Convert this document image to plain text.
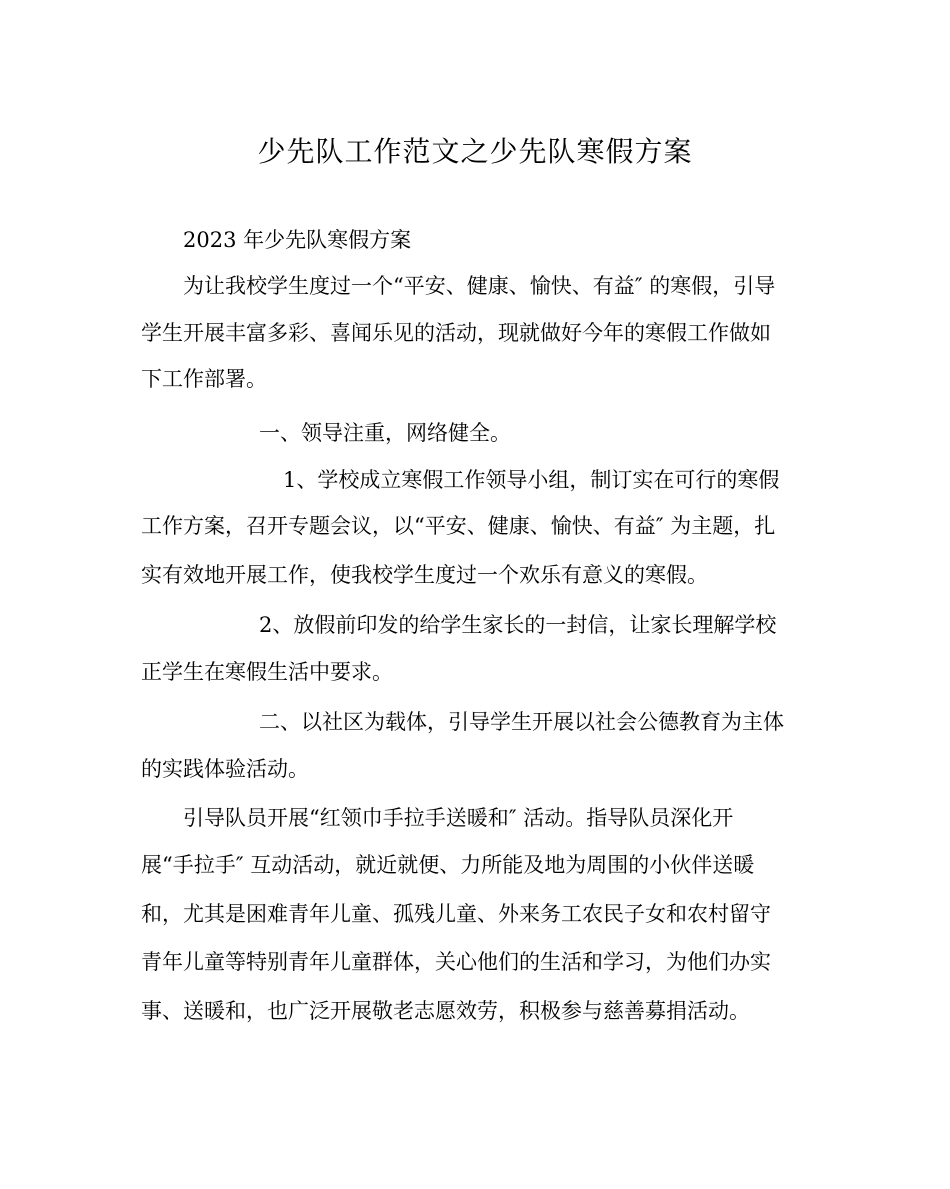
少先队工作范文之少先队寒假方案

2023 年少先队寒假方案

为让我校学生度过一个“平安、健康、愉快、有益″ 的寒假，引导

学生开展丰富多彩、喜闻乐见的活动，现就做好今年的寒假工作做如

下工作部署。

一、领导注重，网络健全。

1、学校成立寒假工作领导小组，制订实在可行的寒假

工作方案，召开专题会议，以“平安、健康、愉快、有益″ 为主题，扎

实有效地开展工作，使我校学生度过一个欢乐有意义的寒假。

2、放假前印发的给学生家长的一封信，让家长理解学校

正学生在寒假生活中要求。

二、以社区为载体，引导学生开展以社会公德教育为主体

的实践体验活动。

引导队员开展“红领巾手拉手送暖和″ 活动。指导队员深化开

展“手拉手″ 互动活动，就近就便、力所能及地为周围的小伙伴送暖

和，尤其是困难青年儿童、孤残儿童、外来务工农民子女和农村留守

青年儿童等特别青年儿童群体，关心他们的生活和学习，为他们办实

事、送暖和，也广泛开展敬老志愿效劳，积极参与慈善募捐活动。
